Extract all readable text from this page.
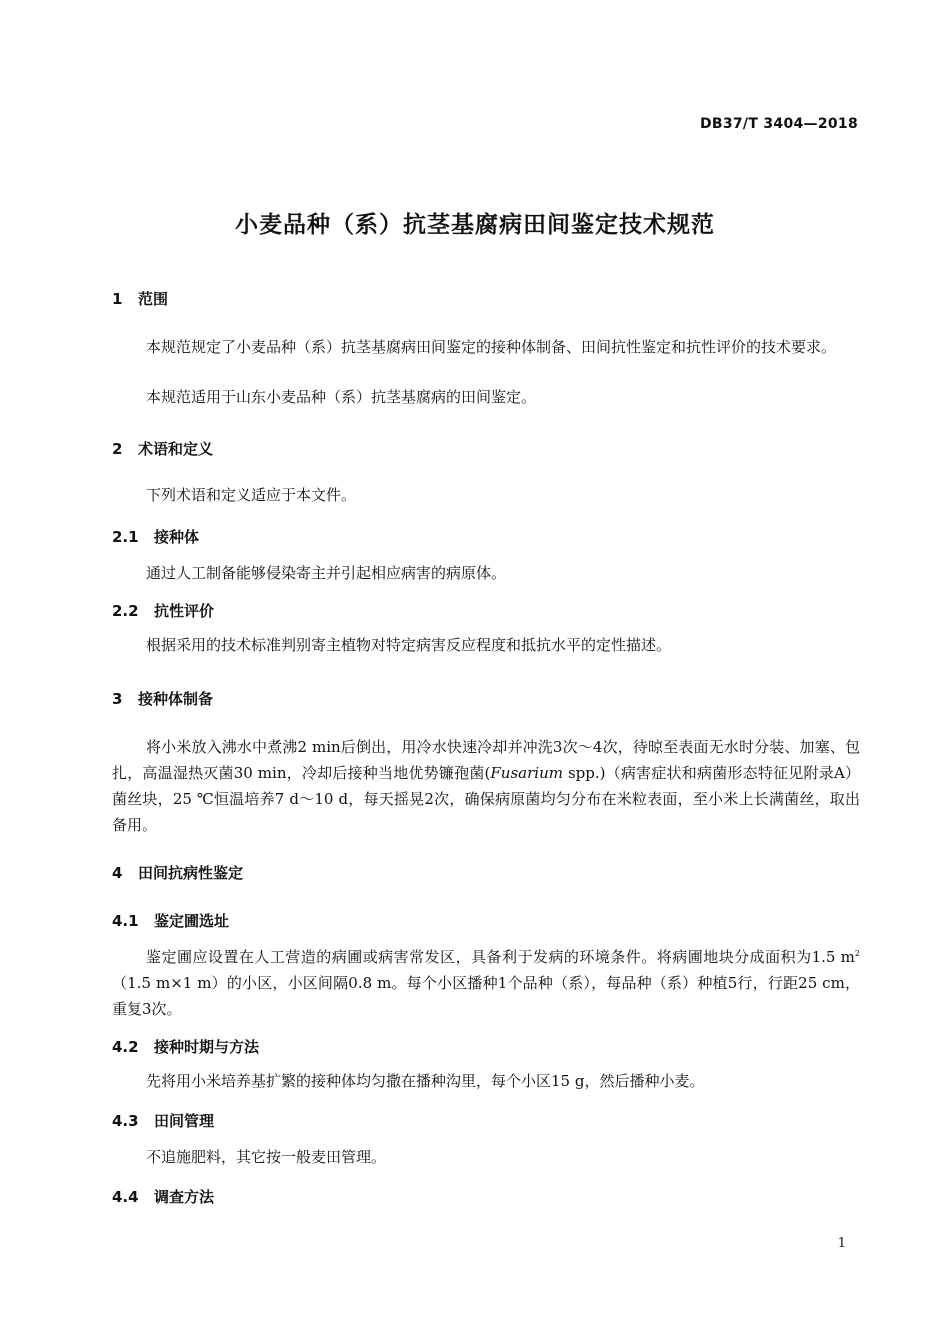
DB37/T 3404—2018
小麦品种（系）抗茎基腐病田间鉴定技术规范
1 范围
本规范规定了小麦品种（系）抗茎基腐病田间鉴定的接种体制备、田间抗性鉴定和抗性评价的技术要求。
本规范适用于山东小麦品种（系）抗茎基腐病的田间鉴定。
2 术语和定义
下列术语和定义适应于本文件。
2.1 接种体
通过人工制备能够侵染寄主并引起相应病害的病原体。
2.2 抗性评价
根据采用的技术标准判别寄主植物对特定病害反应程度和抵抗水平的定性描述。
3 接种体制备
将小米放入沸水中煮沸2 min后倒出，用冷水快速冷却并冲洗3次～4次，待晾至表面无水时分装、加塞、包扎，高温湿热灭菌30 min，冷却后接种当地优势镰孢菌(Fusarium spp.)（病害症状和病菌形态特征见附录A）菌丝块，25 ℃恒温培养7 d～10 d，每天摇晃2次，确保病原菌均匀分布在米粒表面，至小米上长满菌丝，取出备用。
4 田间抗病性鉴定
4.1 鉴定圃选址
鉴定圃应设置在人工营造的病圃或病害常发区，具备利于发病的环境条件。将病圃地块分成面积为1.5 $m^2(1.5$ m×1 m）的小区，小区间隔0.8 m。每个小区播种1个品种（系），每品种（系）种植5行，行距25 cm，重复3次。
4.2 接种时期与方法
先将用小米培养基扩繁的接种体均匀撒在播种沟里，每个小区15 g，然后播种小麦。
4.3 田间管理
不追施肥料，其它按一般麦田管理。
4.4 调查方法
1
